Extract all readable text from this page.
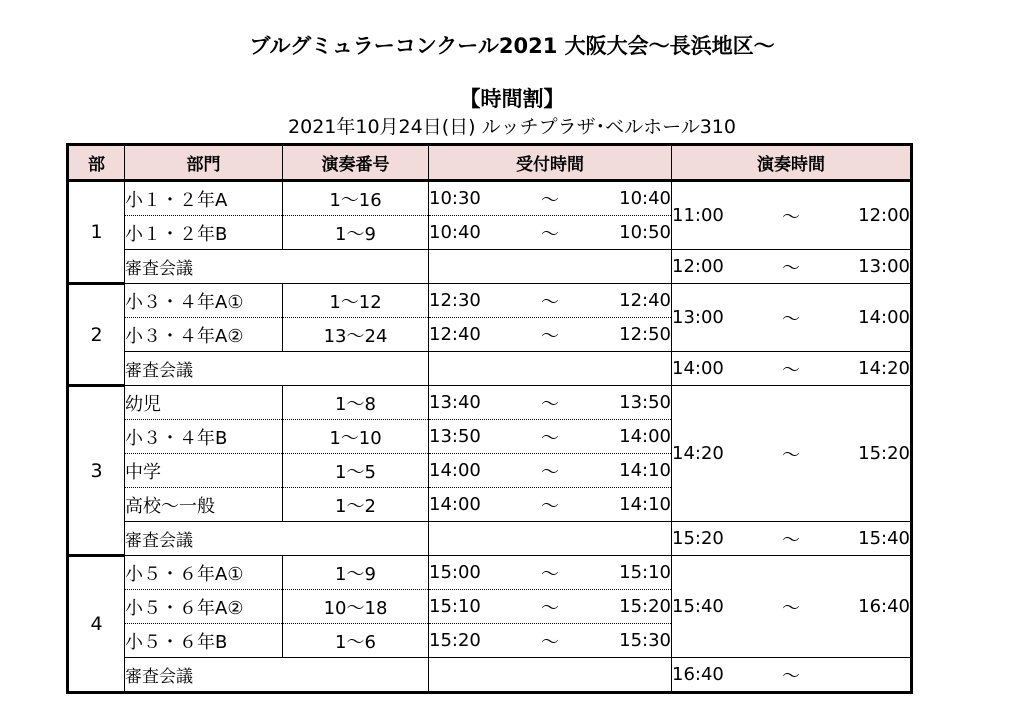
ブルグミュラーコンクール2021 大阪大会～長浜地区～
【時間割】
2021年10月24日(日) ルッチプラザ･ベルホール310
部	部門	演奏番号	受付時間	演奏時間
1	小１・２年A	1～16	10:30 ～ 10:40	11:00 ～ 12:00

	小１・２年B	1～9	10:40 ～ 10:50	

	審査会議			12:00 ～ 13:00

2	小３・４年A①	1～12	12:30 ～ 12:40	13:00 ～ 14:00

	小３・４年A②	13～24	12:40 ～ 12:50	

	審査会議			14:00 ～ 14:20

3	幼児	1～8	13:40 ～ 13:50	14:20 ～ 15:20

	小３・４年B	1～10	13:50 ～ 14:00	

	中学	1～5	14:00 ～ 14:10	

	高校～一般	1～2	14:00 ～ 14:10	

	審査会議			15:20 ～ 15:40

4	小５・６年A①	1～9	15:00 ～ 15:10	15:40 ～ 16:40

	小５・６年A②	10～18	15:10 ～ 15:20	

	小５・６年B	1～6	15:20 ～ 15:30	

	審査会議			16:40 ～
